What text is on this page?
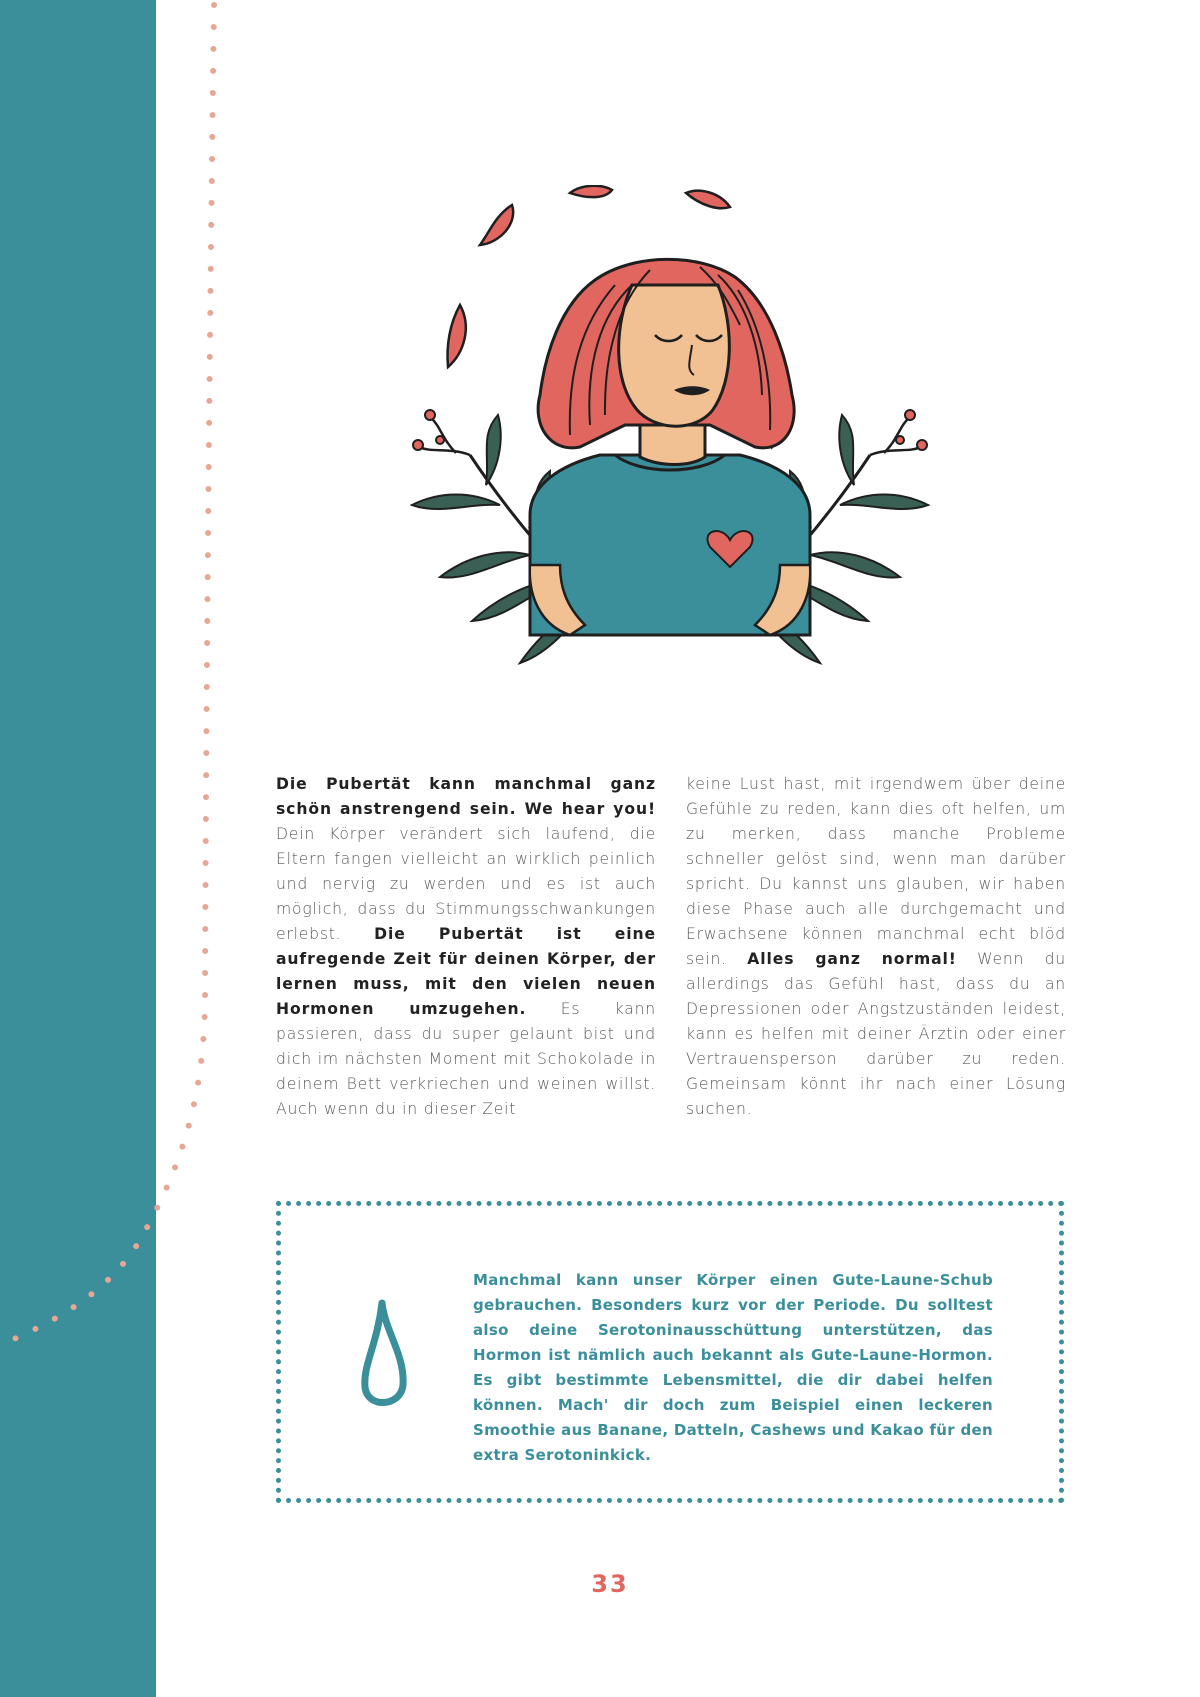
Die Pubertät kann manchmal ganz schön anstrengend sein. We hear you! Dein Körper verändert sich laufend, die Eltern fangen vielleicht an wirklich peinlich und nervig zu werden und es ist auch möglich, dass du Stimmungsschwankungen erlebst. Die Pubertät ist eine aufregende Zeit für deinen Körper, der lernen muss, mit den vielen neuen Hormonen umzugehen. Es kann passieren, dass du super gelaunt bist und dich im nächsten Moment mit Schokolade in deinem Bett verkriechen und weinen willst. Auch wenn du in dieser Zeit
keine Lust hast, mit irgendwem über deine Gefühle zu reden, kann dies oft helfen, um zu merken, dass manche Probleme schneller gelöst sind, wenn man darüber spricht. Du kannst uns glauben, wir haben diese Phase auch alle durchgemacht und Erwachsene können manchmal echt blöd sein. Alles ganz normal! Wenn du allerdings das Gefühl hast, dass du an Depressionen oder Angstzuständen leidest, kann es helfen mit deiner Ärztin oder einer Vertrauensperson darüber zu reden. Gemeinsam könnt ihr nach einer Lösung suchen.
Manchmal kann unser Körper einen Gute-Laune-Schub gebrauchen. Besonders kurz vor der Periode. Du solltest also deine Serotoninausschüttung unterstützen, das Hormon ist nämlich auch bekannt als Gute-Laune-Hormon. Es gibt bestimmte Lebensmittel, die dir dabei helfen können. Mach' dir doch zum Beispiel einen leckeren Smoothie aus Banane, Datteln, Cashews und Kakao für den extra Serotoninkick.
33
